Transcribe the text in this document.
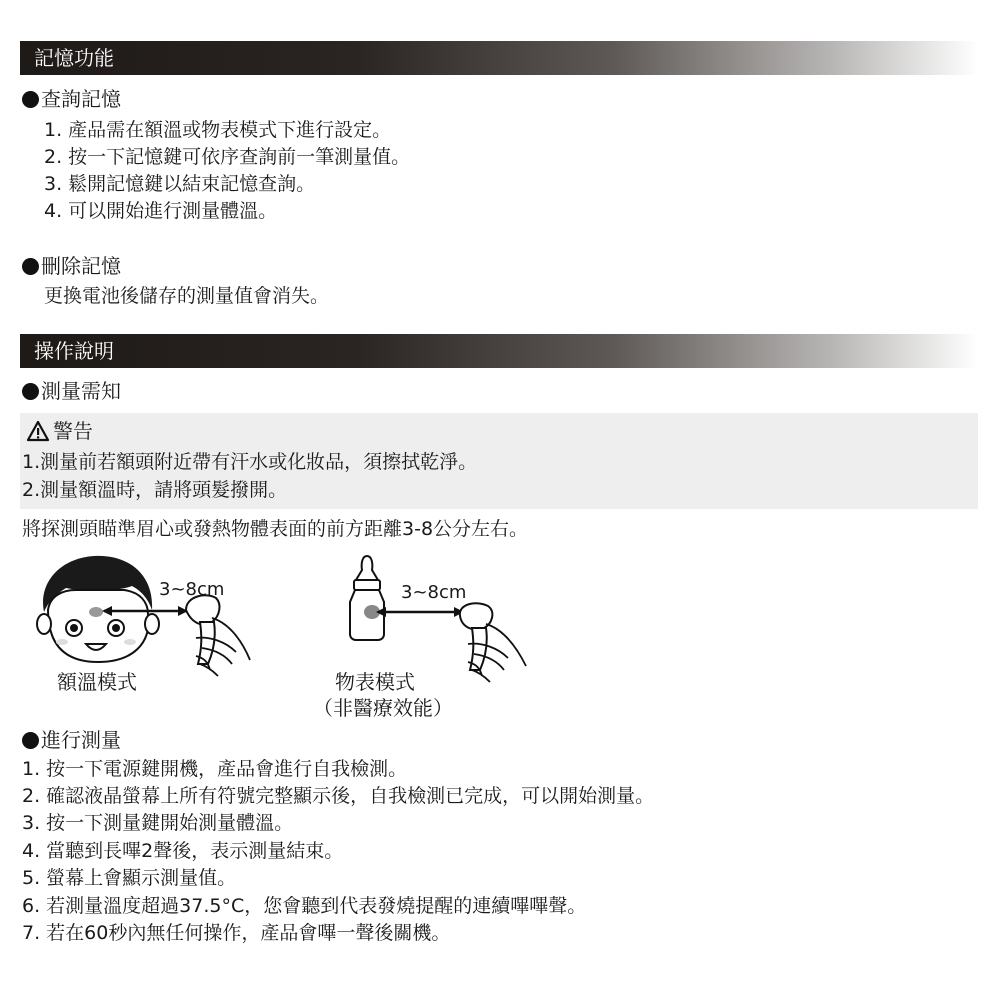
記憶功能
查詢記憶
1. 產品需在額溫或物表模式下進行設定。
2. 按一下記憶鍵可依序查詢前一筆測量值。
3. 鬆開記憶鍵以結束記憶查詢。
4. 可以開始進行測量體溫。
刪除記憶
更換電池後儲存的測量值會消失。
操作說明
測量需知
警告
1.測量前若額頭附近帶有汗水或化妝品，須擦拭乾淨。
2.測量額溫時，請將頭髮撥開。
將探測頭瞄準眉心或發熱物體表面的前方距離3-8公分左右。
3~8cm
額溫模式
3~8cm
物表模式
（非醫療效能）
進行測量
1. 按一下電源鍵開機，產品會進行自我檢測。
2. 確認液晶螢幕上所有符號完整顯示後，自我檢測已完成，可以開始測量。
3. 按一下測量鍵開始測量體溫。
4. 當聽到長嗶2聲後，表示測量結束。
5. 螢幕上會顯示測量值。
6. 若測量溫度超過37.5°C，您會聽到代表發燒提醒的連續嗶嗶聲。
7. 若在60秒內無任何操作，產品會嗶一聲後關機。
